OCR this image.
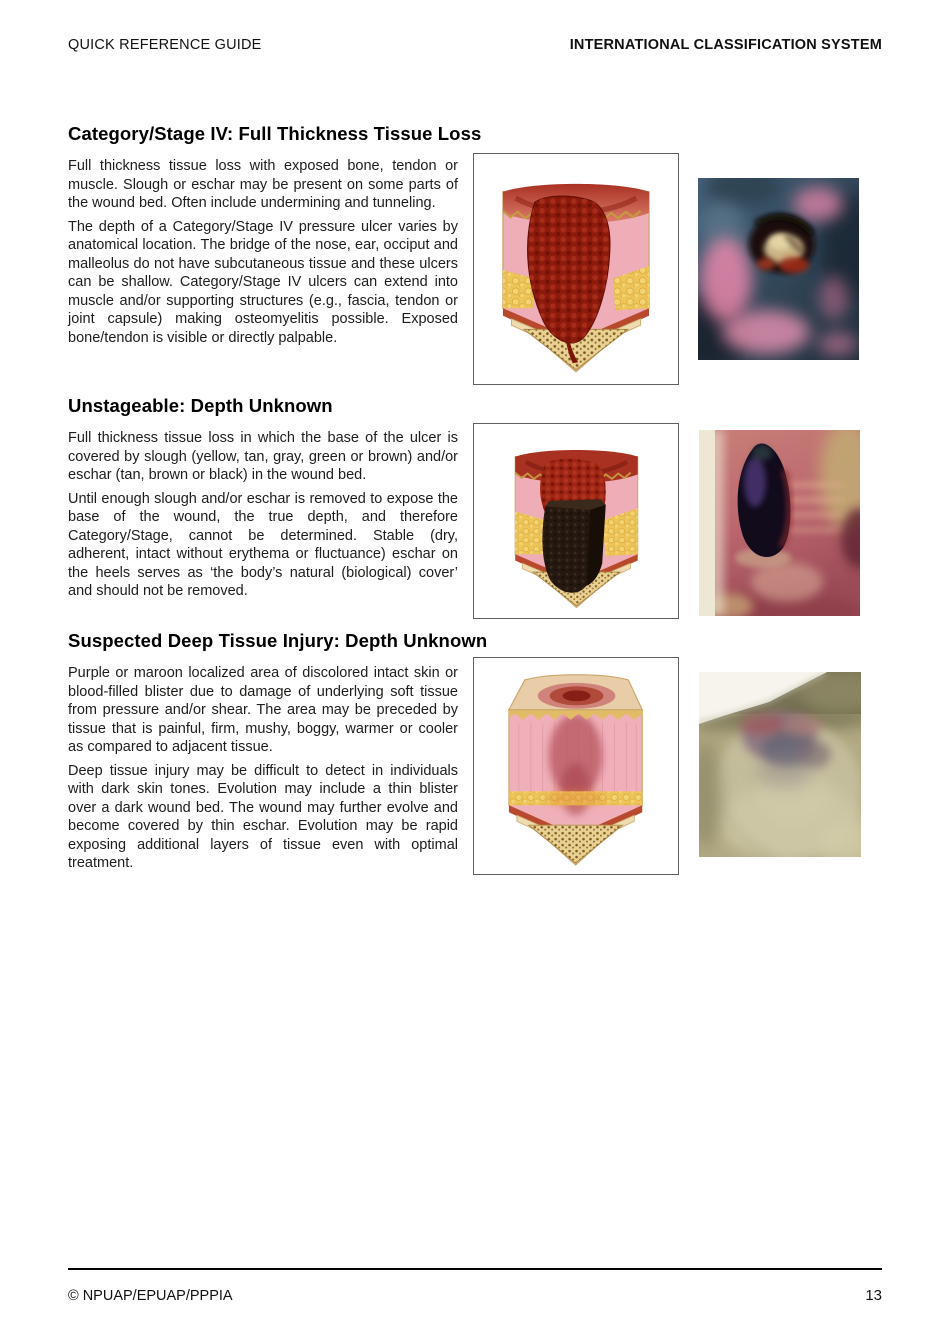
QUICK REFERENCE GUIDE	INTERNATIONAL CLASSIFICATION SYSTEM
Category/Stage IV: Full Thickness Tissue Loss

Full thickness tissue loss with exposed bone, tendon or muscle. Slough or eschar may be present on some parts of the wound bed. Often include undermining and tunneling.

The depth of a Category/Stage IV pressure ulcer varies by anatomical location. The bridge of the nose, ear, occiput and malleolus do not have subcutaneous tissue and these ulcers can be shallow. Category/Stage IV ulcers can extend into muscle and/or supporting structures (e.g., fascia, tendon or joint capsule) making osteomyelitis possible. Exposed bone/tendon is visible or directly palpable.

Unstageable: Depth Unknown

Full thickness tissue loss in which the base of the ulcer is covered by slough (yellow, tan, gray, green or brown) and/or eschar (tan, brown or black) in the wound bed.

Until enough slough and/or eschar is removed to expose the base of the wound, the true depth, and therefore Category/Stage, cannot be determined. Stable (dry, adherent, intact without erythema or fluctuance) eschar on the heels serves as ‘the body’s natural (biological) cover’ and should not be removed.

Suspected Deep Tissue Injury: Depth Unknown

Purple or maroon localized area of discolored intact skin or blood-filled blister due to damage of underlying soft tissue from pressure and/or shear. The area may be preceded by tissue that is painful, firm, mushy, boggy, warmer or cooler as compared to adjacent tissue.

Deep tissue injury may be difficult to detect in individuals with dark skin tones. Evolution may include a thin blister over a dark wound bed. The wound may further evolve and become covered by thin eschar. Evolution may be rapid exposing additional layers of tissue even with optimal treatment.

© NPUAP/EPUAP/PPPIA	13
